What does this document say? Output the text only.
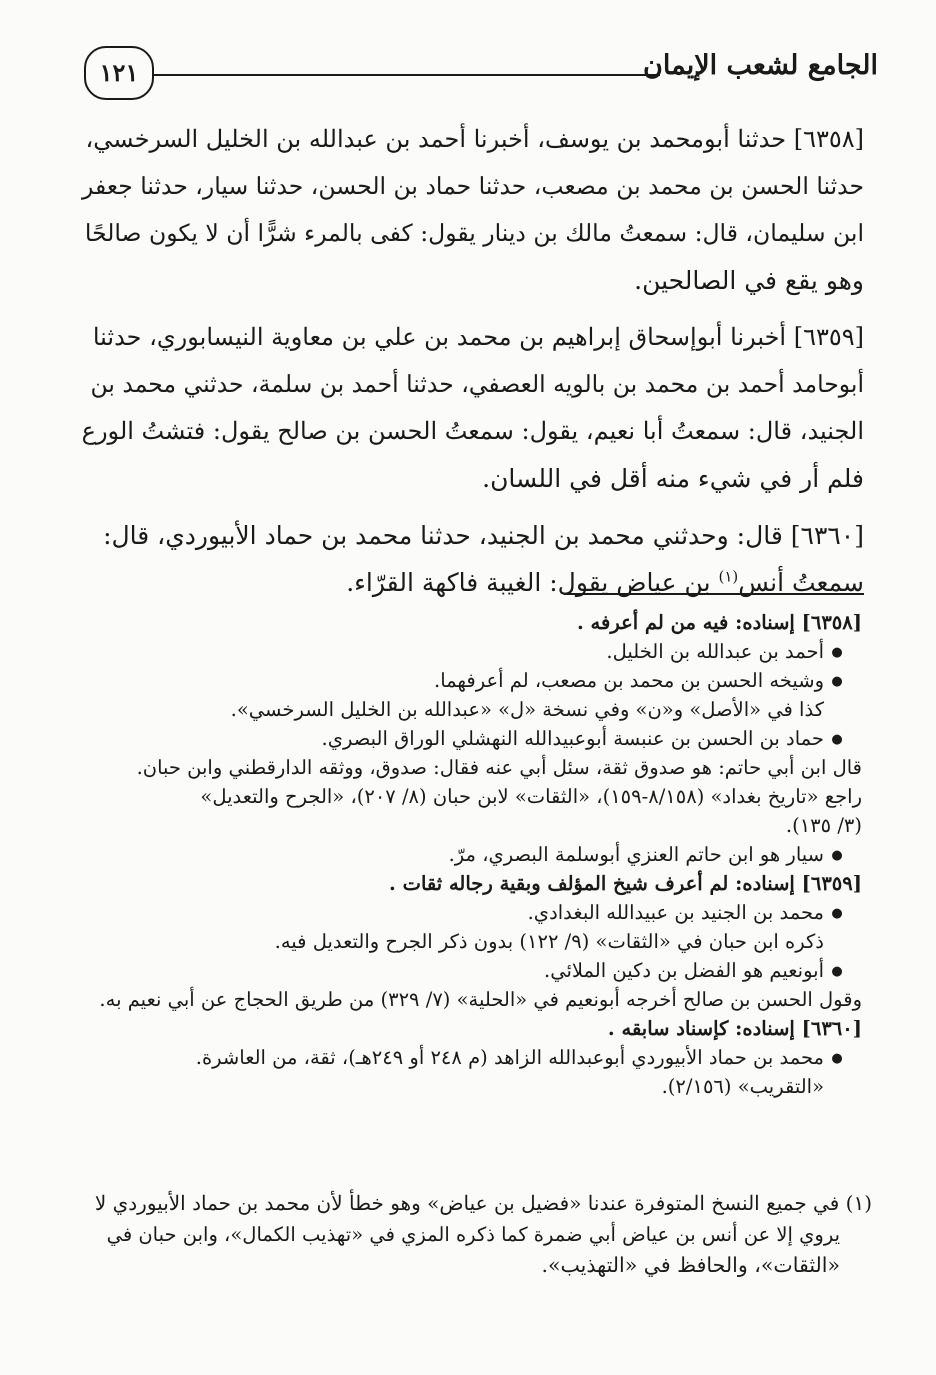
الجامع لشعب الإيمان
١٢١
[٦٣٥٨] حدثنا أبومحمد بن يوسف، أخبرنا أحمد بن عبدالله بن الخليل السرخسي،
حدثنا الحسن بن محمد بن مصعب، حدثنا حماد بن الحسن، حدثنا سيار، حدثنا جعفر
ابن سليمان، قال: سمعتُ مالك بن دينار يقول: كفى بالمرء شرًّا أن لا يكون صالحًا
وهو يقع في الصالحين.
[٦٣٥٩] أخبرنا أبوإسحاق إبراهيم بن محمد بن علي بن معاوية النيسابوري، حدثنا
أبوحامد أحمد بن محمد بن بالويه العصفي، حدثنا أحمد بن سلمة، حدثني محمد بن
الجنيد، قال: سمعتُ أبا نعيم، يقول: سمعتُ الحسن بن صالح يقول: فتشتُ الورع
فلم أر في شيء منه أقل في اللسان.
[٦٣٦٠] قال: وحدثني محمد بن الجنيد، حدثنا محمد بن حماد الأبيوردي، قال:
سمعتُ أنس$^{(١)}$ بن عياض يقول: الغيبة فاكهة القرّاء.
[٦٣٥٨] إسناده: فيه من لم أعرفه .
●أحمد بن عبدالله بن الخليل.
●وشيخه الحسن بن محمد بن مصعب، لم أعرفهما.
كذا في «الأصل» و«ن» وفي نسخة «ل» «عبدالله بن الخليل السرخسي».
●حماد بن الحسن بن عنبسة أبوعبيدالله النهشلي الوراق البصري.
قال ابن أبي حاتم: هو صدوق ثقة، سئل أبي عنه فقال: صدوق، ووثقه الدارقطني وابن حبان.
راجع «تاريخ بغداد» (٨/١٥٨-١٥٩)، «الثقات» لابن حبان (٨/ ٢٠٧)، «الجرح والتعديل»
(٣/ ١٣٥).
●سيار هو ابن حاتم العنزي أبوسلمة البصري، مرّ.
[٦٣٥٩] إسناده: لم أعرف شيخ المؤلف وبقية رجاله ثقات .
●محمد بن الجنيد بن عبيدالله البغدادي.
ذكره ابن حبان في «الثقات» (٩/ ١٢٢) بدون ذكر الجرح والتعديل فيه.
●أبونعيم هو الفضل بن دكين الملائي.
وقول الحسن بن صالح أخرجه أبونعيم في «الحلية» (٧/ ٣٢٩) من طريق الحجاج عن أبي نعيم به.
[٦٣٦٠] إسناده: كإسناد سابقه .
●محمد بن حماد الأبيوردي أبوعبدالله الزاهد (م ٢٤٨ أو ٢٤٩هـ)، ثقة، من العاشرة.
«التقريب» (٢/١٥٦).
(١) في جميع النسخ المتوفرة عندنا «فضيل بن عياض» وهو خطأ لأن محمد بن حماد الأبيوردي لا
يروي إلا عن أنس بن عياض أبي ضمرة كما ذكره المزي في «تهذيب الكمال»، وابن حبان في
«الثقات»، والحافظ في «التهذيب».
